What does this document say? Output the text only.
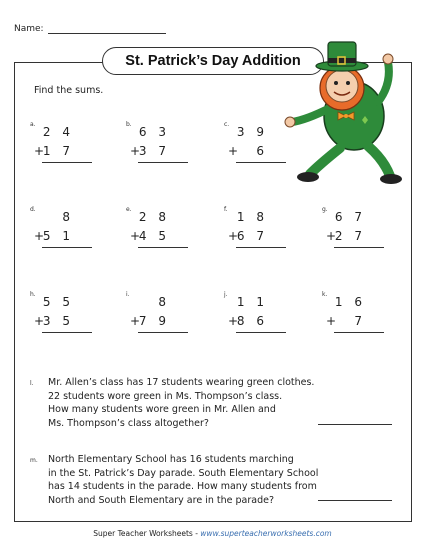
Name:
St. Patrick’s Day Addition
Find the sums.
a.
2 4
+
1 7
b.
6 3
+
3 7
c.
3 9
+ 6
d.
8
+
5 1
e.
2 8
+
4 5
f.
1 8
+
6 7
g.
6 7
+
2 7
h.
5 5
+
3 5
i.
8
+
7 9
j.
1 1
+
8 6
k.
1 6
+ 7
l. Mr. Allen’s class has 17 students wearing green clothes.
22 students wore green in Ms. Thompson’s class.
How many students wore green in Mr. Allen and
Ms. Thompson’s class altogether?
m. North Elementary School has 16 students marching
in the St. Patrick’s Day parade. South Elementary School
has 14 students in the parade. How many students from
North and South Elementary are in the parade?
Super Teacher Worksheets - www.superteacherworksheets.com
